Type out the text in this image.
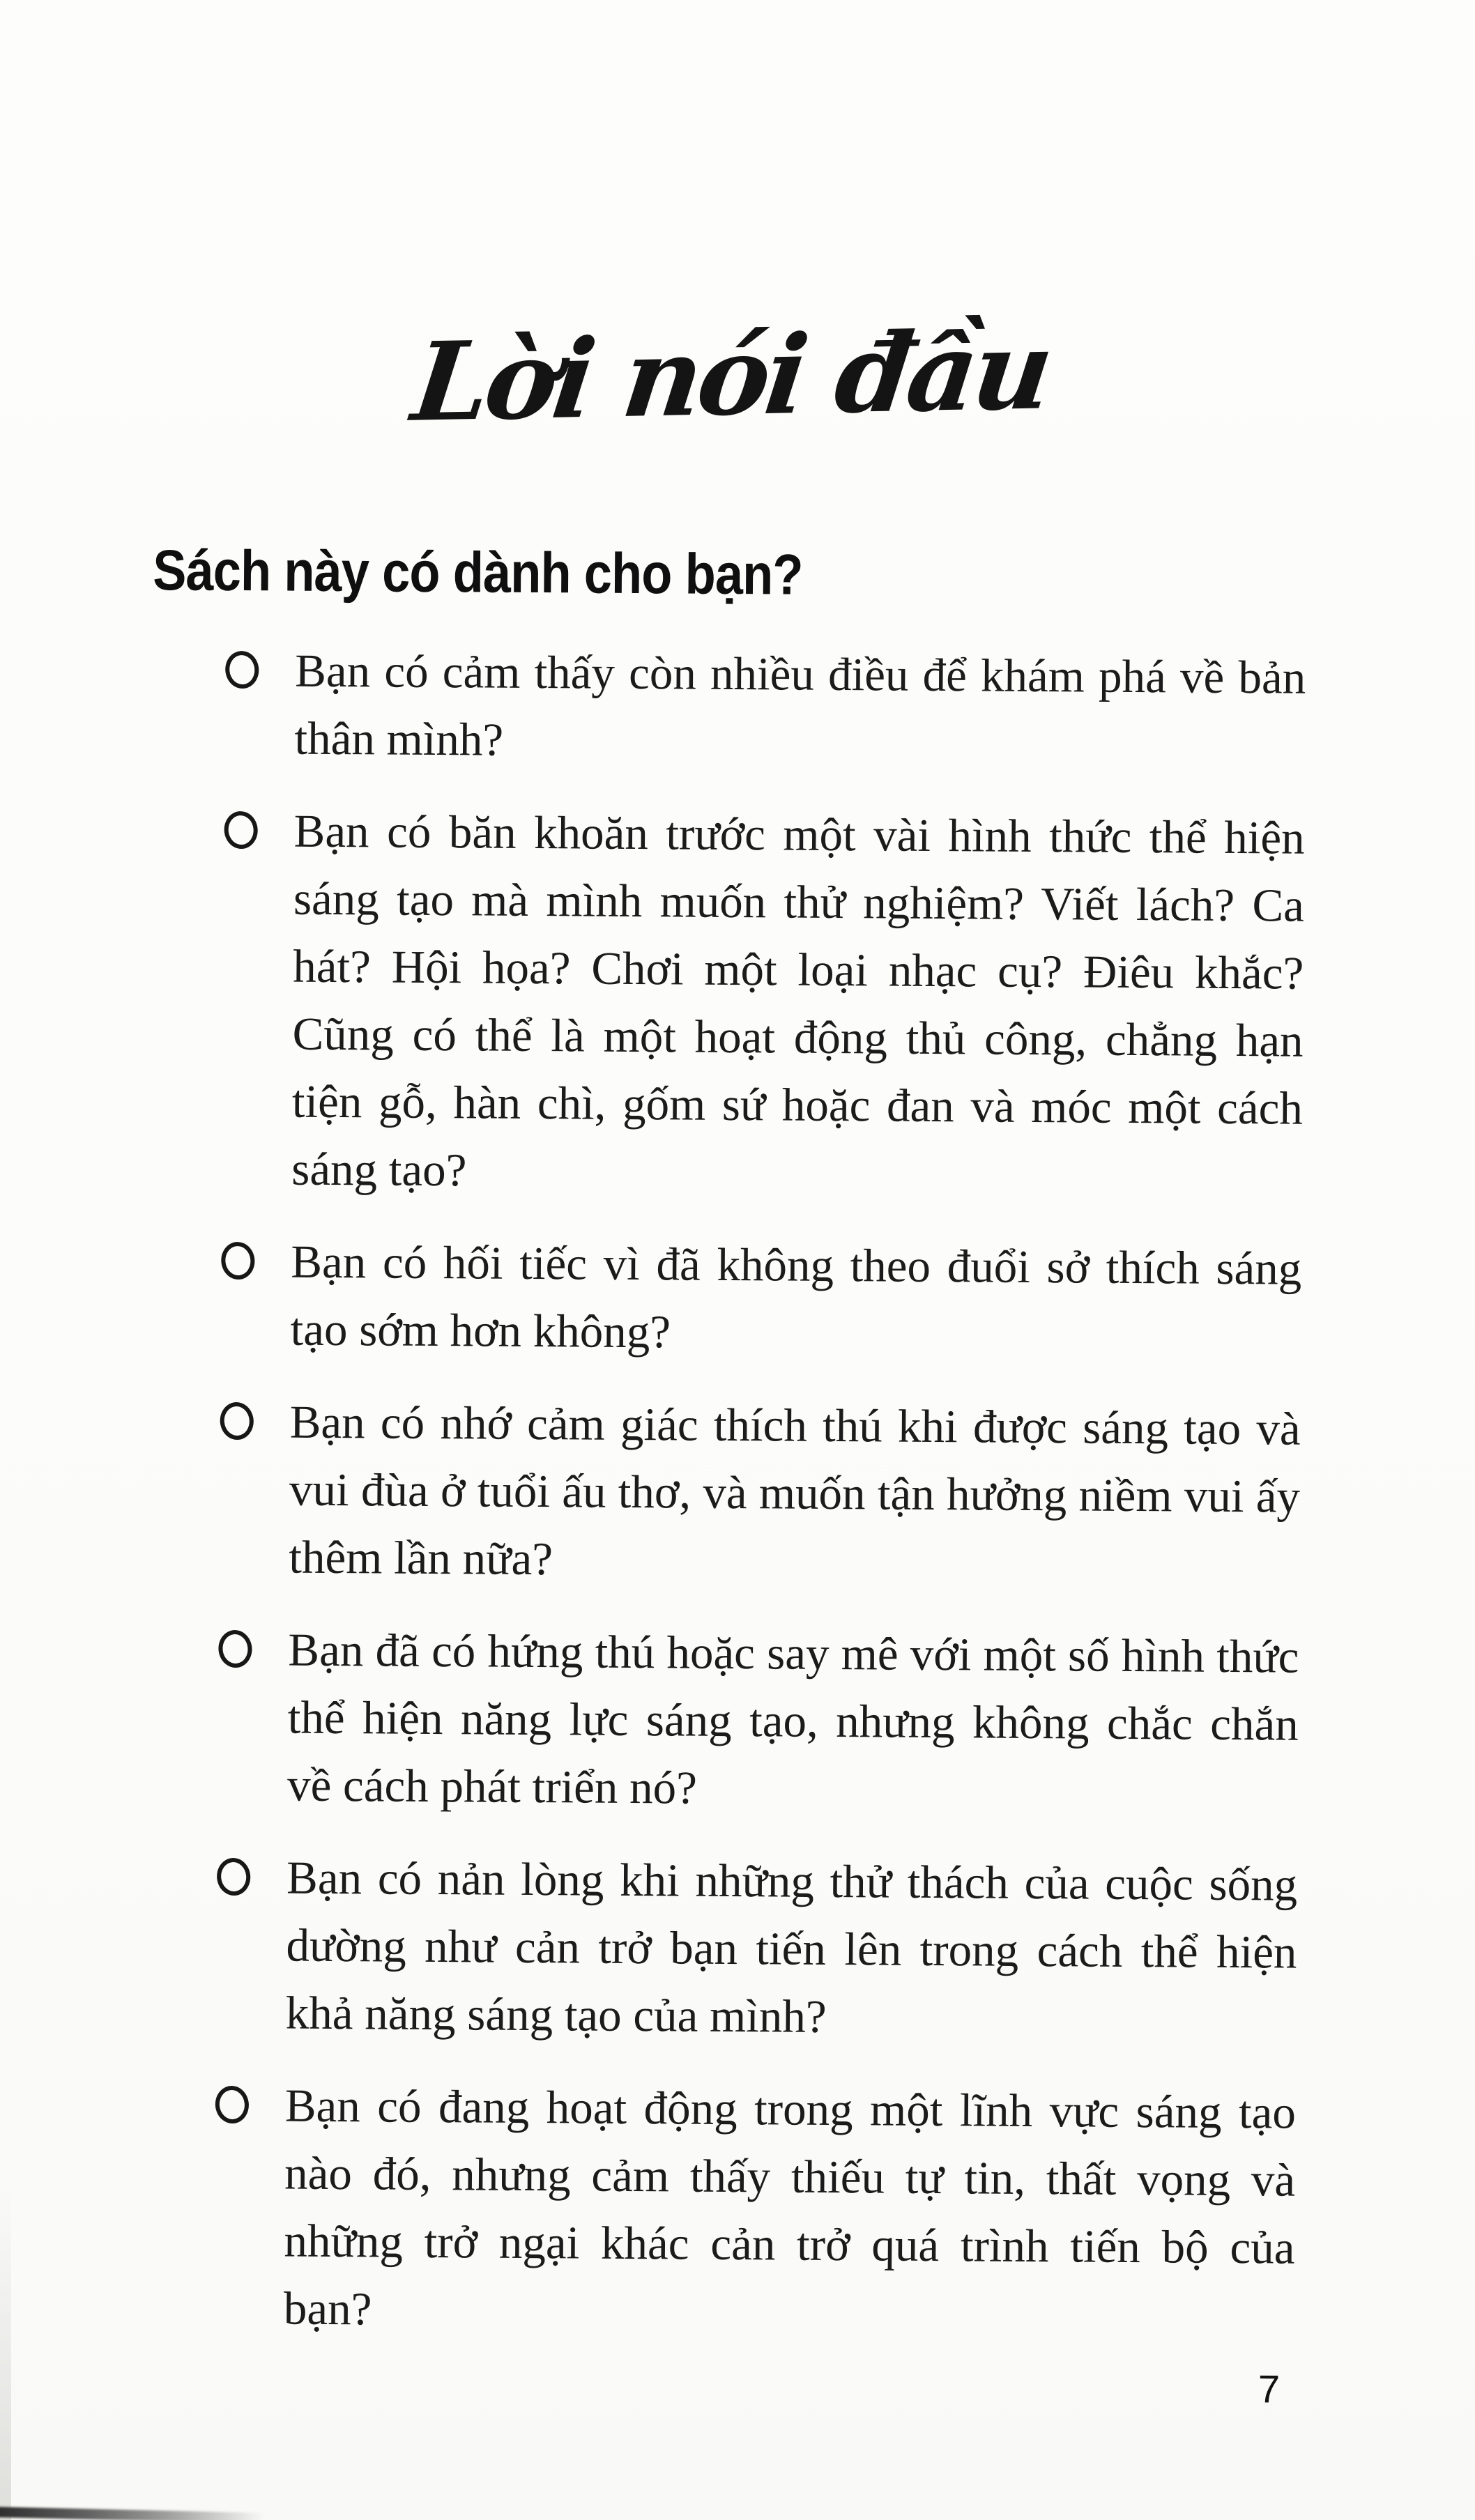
Lời nói đầu
Sách này có dành cho bạn?
Bạn có cảm thấy còn nhiều điều để khám phá về bản thân mình?
Bạn có băn khoăn trước một vài hình thức thể hiện sáng tạo mà mình muốn thử nghiệm? Viết lách? Ca hát? Hội họa? Chơi một loại nhạc cụ? Điêu khắc? Cũng có thể là một hoạt động thủ công, chẳng hạn tiện gỗ, hàn chì, gốm sứ hoặc đan và móc một cách sáng tạo?
Bạn có hối tiếc vì đã không theo đuổi sở thích sáng tạo sớm hơn không?
Bạn có nhớ cảm giác thích thú khi được sáng tạo và vui đùa ở tuổi ấu thơ, và muốn tận hưởng niềm vui ấy thêm lần nữa?
Bạn đã có hứng thú hoặc say mê với một số hình thức thể hiện năng lực sáng tạo, nhưng không chắc chắn về cách phát triển nó?
Bạn có nản lòng khi những thử thách của cuộc sống dường như cản trở bạn tiến lên trong cách thể hiện khả năng sáng tạo của mình?
Bạn có đang hoạt động trong một lĩnh vực sáng tạo nào đó, nhưng cảm thấy thiếu tự tin, thất vọng và những trở ngại khác cản trở quá trình tiến bộ của bạn?
7
